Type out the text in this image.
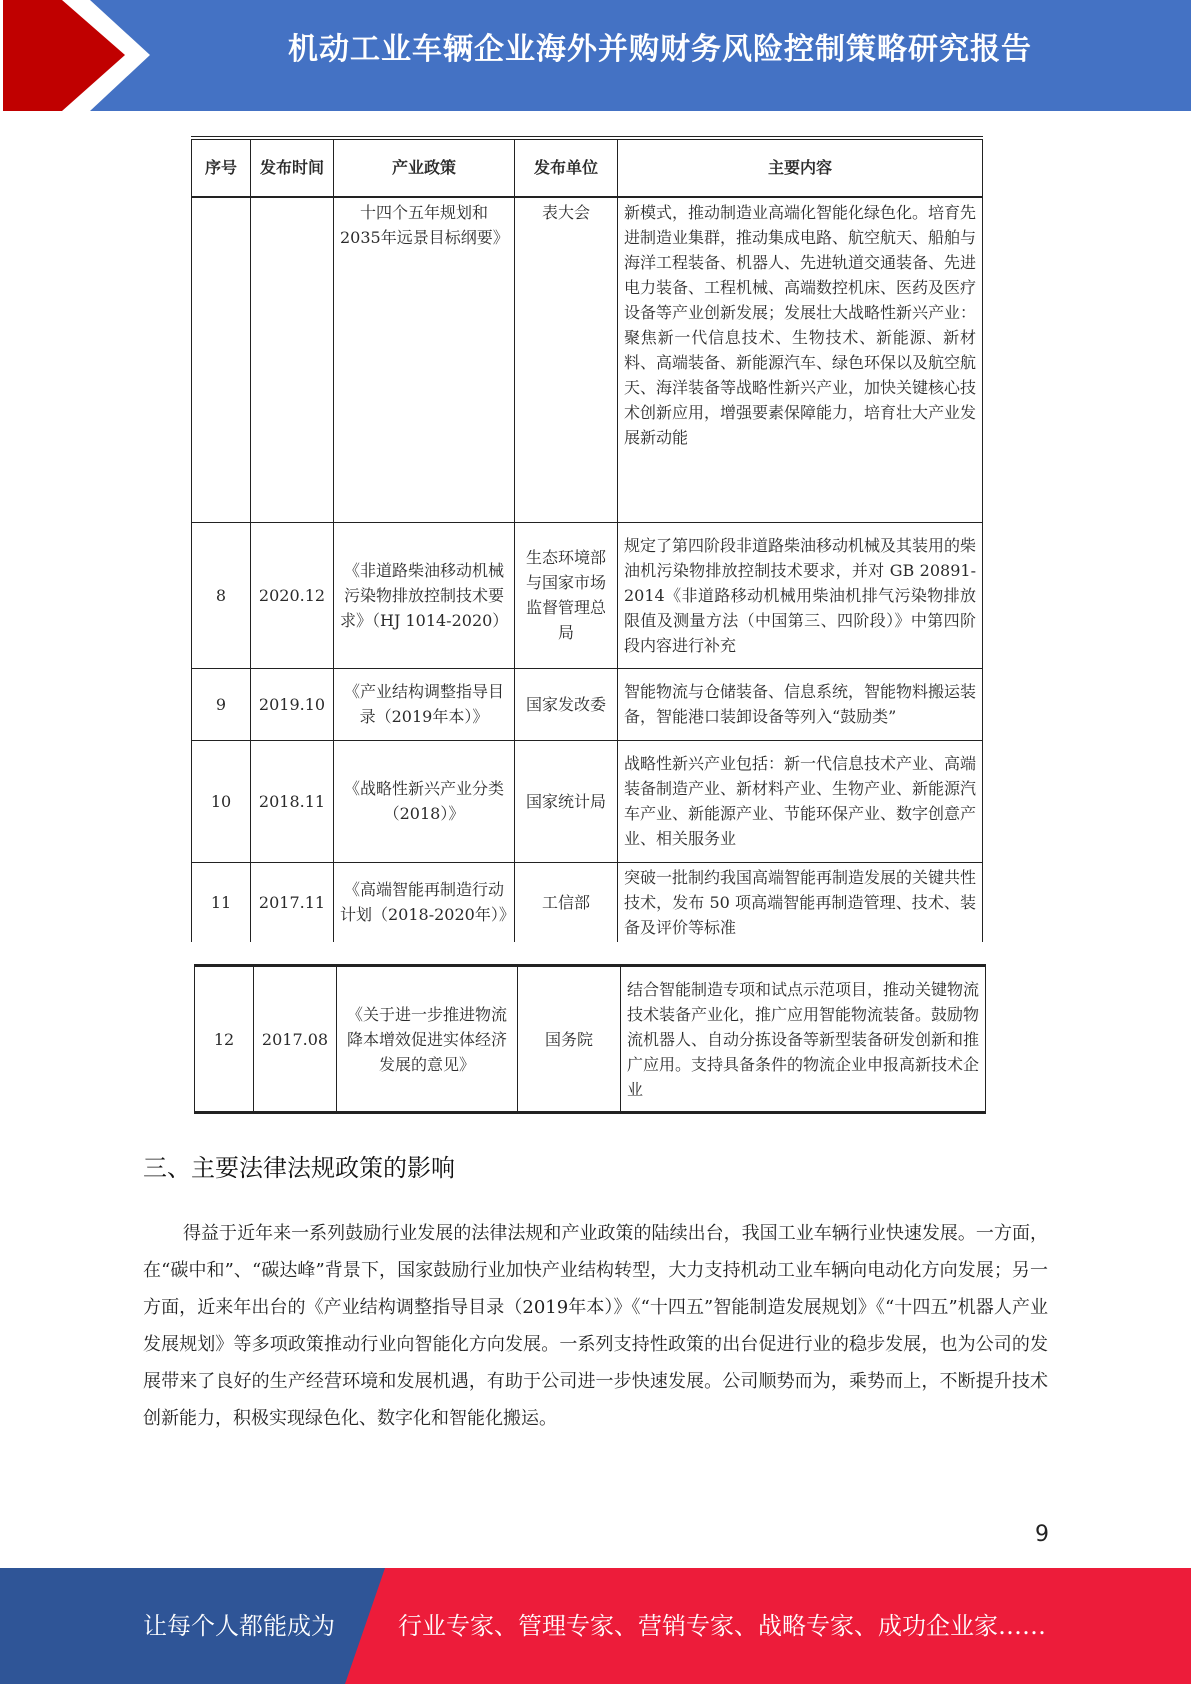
机动工业车辆企业海外并购财务风险控制策略研究报告
序号	发布时间	产业政策	发布单位	主要内容
		十四个五年规划和2035年远景目标纲要》	表大会	新模式，推动制造业高端化智能化绿色化。培育先进制造业集群，推动集成电路、航空航天、船舶与海洋工程装备、机器人、先进轨道交通装备、先进电力装备、工程机械、高端数控机床、医药及医疗设备等产业创新发展；发展壮大战略性新兴产业：聚焦新一代信息技术、生物技术、新能源、新材料、高端装备、新能源汽车、绿色环保以及航空航天、海洋装备等战略性新兴产业，加快关键核心技术创新应用，增强要素保障能力，培育壮大产业发展新动能
8	2020.12	《非道路柴油移动机械污染物排放控制技术要求》（HJ 1014-2020）	生态环境部与国家市场监督管理总局	规定了第四阶段非道路柴油移动机械及其装用的柴油机污染物排放控制技术要求，并对 GB 20891-2014《非道路移动机械用柴油机排气污染物排放限值及测量方法（中国第三、四阶段）》中第四阶段内容进行补充
9	2019.10	《产业结构调整指导目录（2019年本）》	国家发改委	智能物流与仓储装备、信息系统，智能物料搬运装备，智能港口装卸设备等列入“鼓励类”
10	2018.11	《战略性新兴产业分类（2018）》	国家统计局	战略性新兴产业包括：新一代信息技术产业、高端装备制造产业、新材料产业、生物产业、新能源汽车产业、新能源产业、节能环保产业、数字创意产业、相关服务业
11	2017.11	《高端智能再制造行动计划（2018-2020年）》	工信部	突破一批制约我国高端智能再制造发展的关键共性技术，发布 50 项高端智能再制造管理、技术、装备及评价等标准
12	2017.08	《关于进一步推进物流降本增效促进实体经济发展的意见》	国务院	结合智能制造专项和试点示范项目，推动关键物流技术装备产业化，推广应用智能物流装备。鼓励物流机器人、自动分拣设备等新型装备研发创新和推广应用。支持具备条件的物流企业申报高新技术企业
三、主要法律法规政策的影响
得益于近年来一系列鼓励行业发展的法律法规和产业政策的陆续出台，我国工业车辆行业快速发展。一方面，在“碳中和”、“碳达峰”背景下，国家鼓励行业加快产业结构转型，大力支持机动工业车辆向电动化方向发展；另一方面，近来年出台的《产业结构调整指导目录（2019年本）》《“十四五”智能制造发展规划》《“十四五”机器人产业发展规划》等多项政策推动行业向智能化方向发展。一系列支持性政策的出台促进行业的稳步发展，也为公司的发展带来了良好的生产经营环境和发展机遇，有助于公司进一步快速发展。公司顺势而为，乘势而上，不断提升技术创新能力，积极实现绿色化、数字化和智能化搬运。
9
让每个人都能成为	行业专家、管理专家、营销专家、战略专家、成功企业家……
